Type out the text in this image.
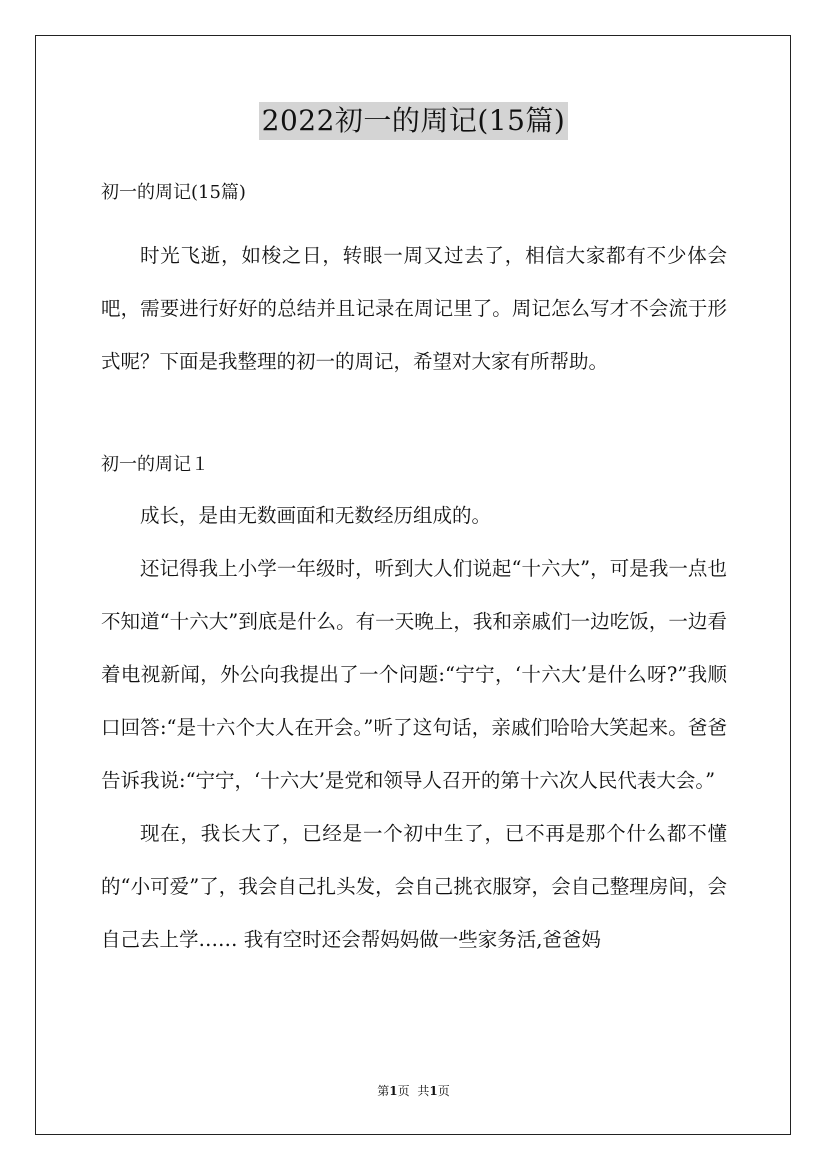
2022初一的周记(15篇)

初一的周记(15篇)

时光飞逝，如梭之日，转眼一周又过去了，相信大家都有不少体会吧，需要进行好好的总结并且记录在周记里了。周记怎么写才不会流于形式呢？下面是我整理的初一的周记，希望对大家有所帮助。

初一的周记１

成长，是由无数画面和无数经历组成的。

还记得我上小学一年级时，听到大人们说起“十六大”，可是我一点也不知道“十六大”到底是什么。有一天晚上，我和亲戚们一边吃饭，一边看着电视新闻，外公向我提出了一个问题:“宁宁，‘十六大’是什么呀?”我顺口回答:“是十六个大人在开会。”听了这句话，亲戚们哈哈大笑起来。爸爸告诉我说:“宁宁，‘十六大’是党和领导人召开的第十六次人民代表大会。”

现在，我长大了，已经是一个初中生了，已不再是那个什么都不懂的“小可爱”了，我会自己扎头发，会自己挑衣服穿，会自己整理房间，会自己去上学…… 我有空时还会帮妈妈做一些家务活,爸爸妈

第1页 共1页
